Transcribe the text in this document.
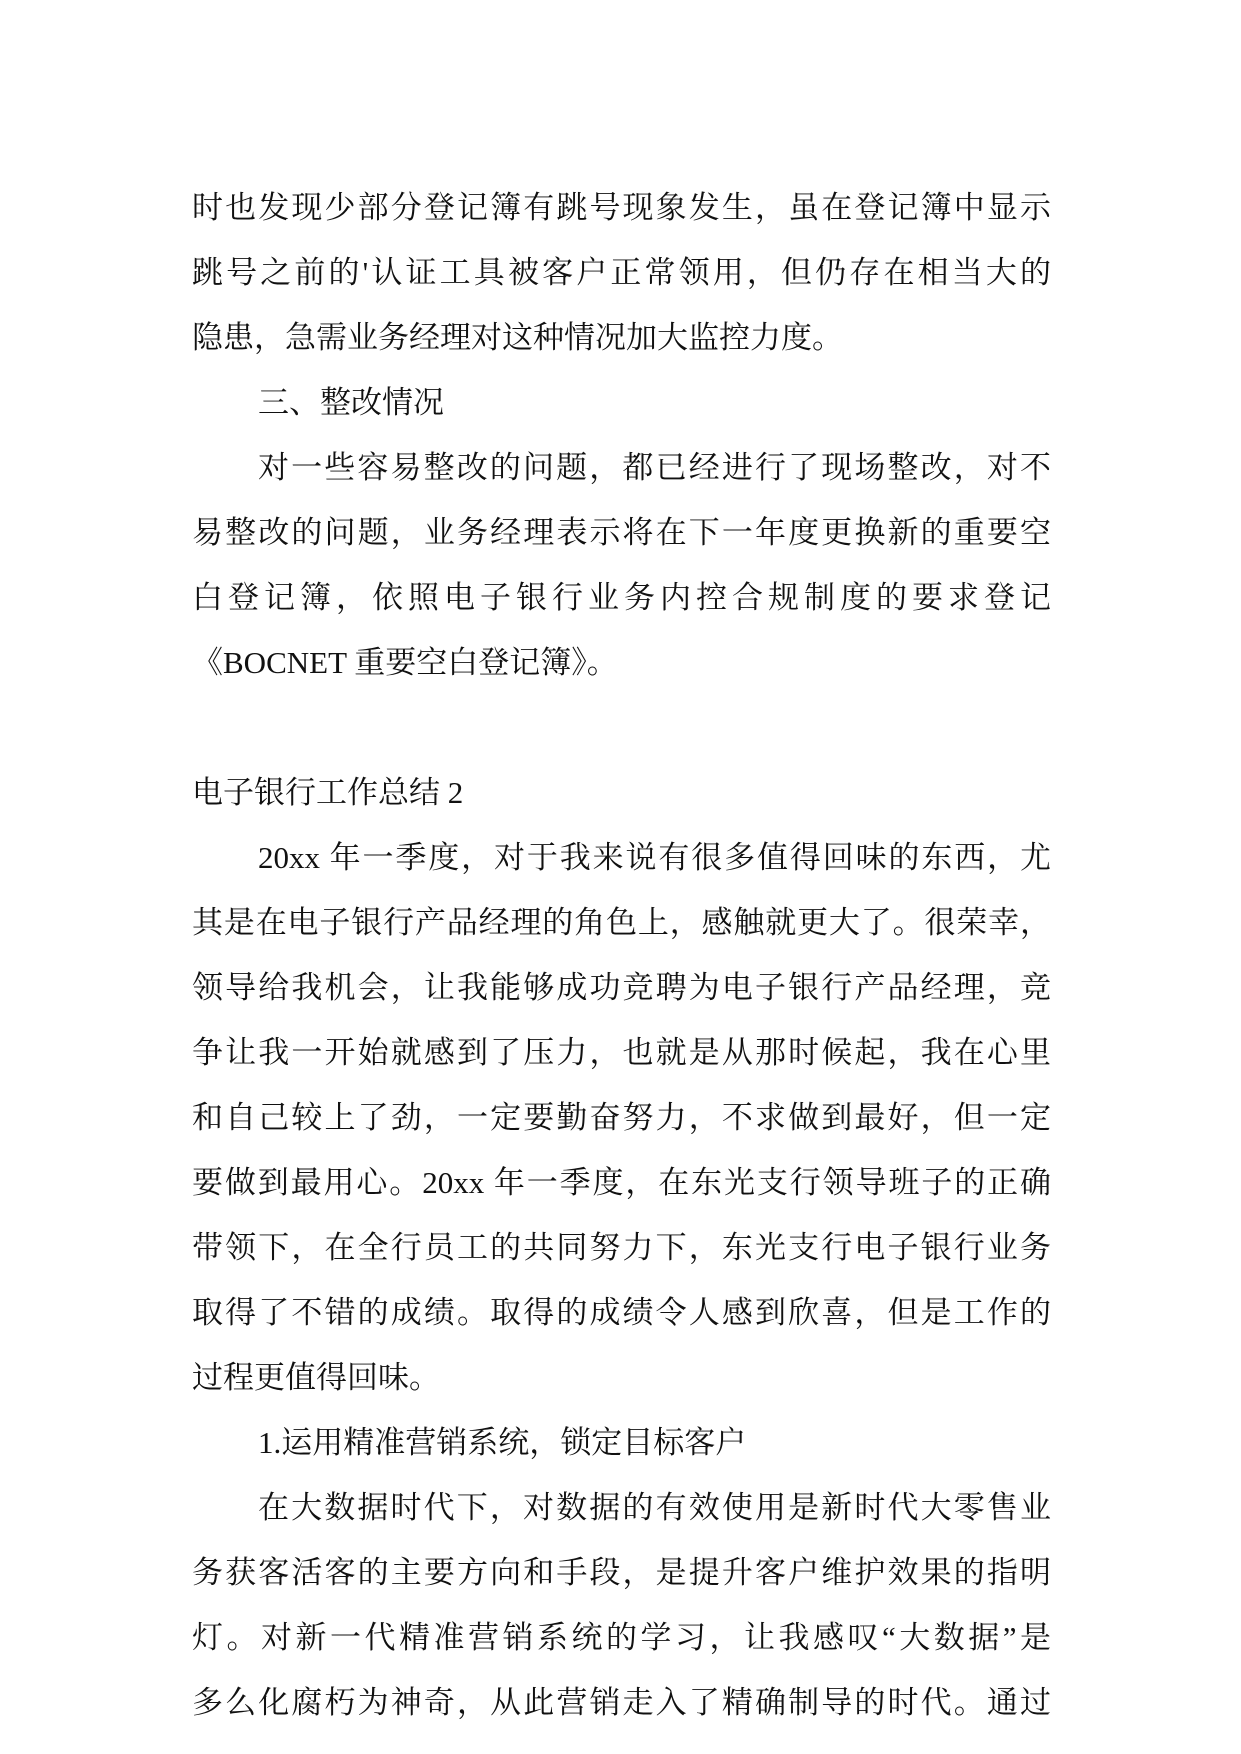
时也发现少部分登记簿有跳号现象发生，虽在登记簿中显示
跳号之前的'认证工具被客户正常领用，但仍存在相当大的
隐患，急需业务经理对这种情况加大监控力度。
三、整改情况
对一些容易整改的问题，都已经进行了现场整改，对不
易整改的问题，业务经理表示将在下一年度更换新的重要空
白登记簿，依照电子银行业务内控合规制度的要求登记
《BOCNET 重要空白登记簿》。
电子银行工作总结 2
20xx 年一季度，对于我来说有很多值得回味的东西，尤
其是在电子银行产品经理的角色上，感触就更大了。很荣幸，
领导给我机会，让我能够成功竞聘为电子银行产品经理，竞
争让我一开始就感到了压力，也就是从那时候起，我在心里
和自己较上了劲，一定要勤奋努力，不求做到最好，但一定
要做到最用心。20xx 年一季度，在东光支行领导班子的正确
带领下，在全行员工的共同努力下，东光支行电子银行业务
取得了不错的成绩。取得的成绩令人感到欣喜，但是工作的
过程更值得回味。
1.运用精准营销系统，锁定目标客户
在大数据时代下，对数据的有效使用是新时代大零售业
务获客活客的主要方向和手段，是提升客户维护效果的指明
灯。对新一代精准营销系统的学习，让我感叹“大数据”是
多么化腐朽为神奇，从此营销走入了精确制导的时代。通过
